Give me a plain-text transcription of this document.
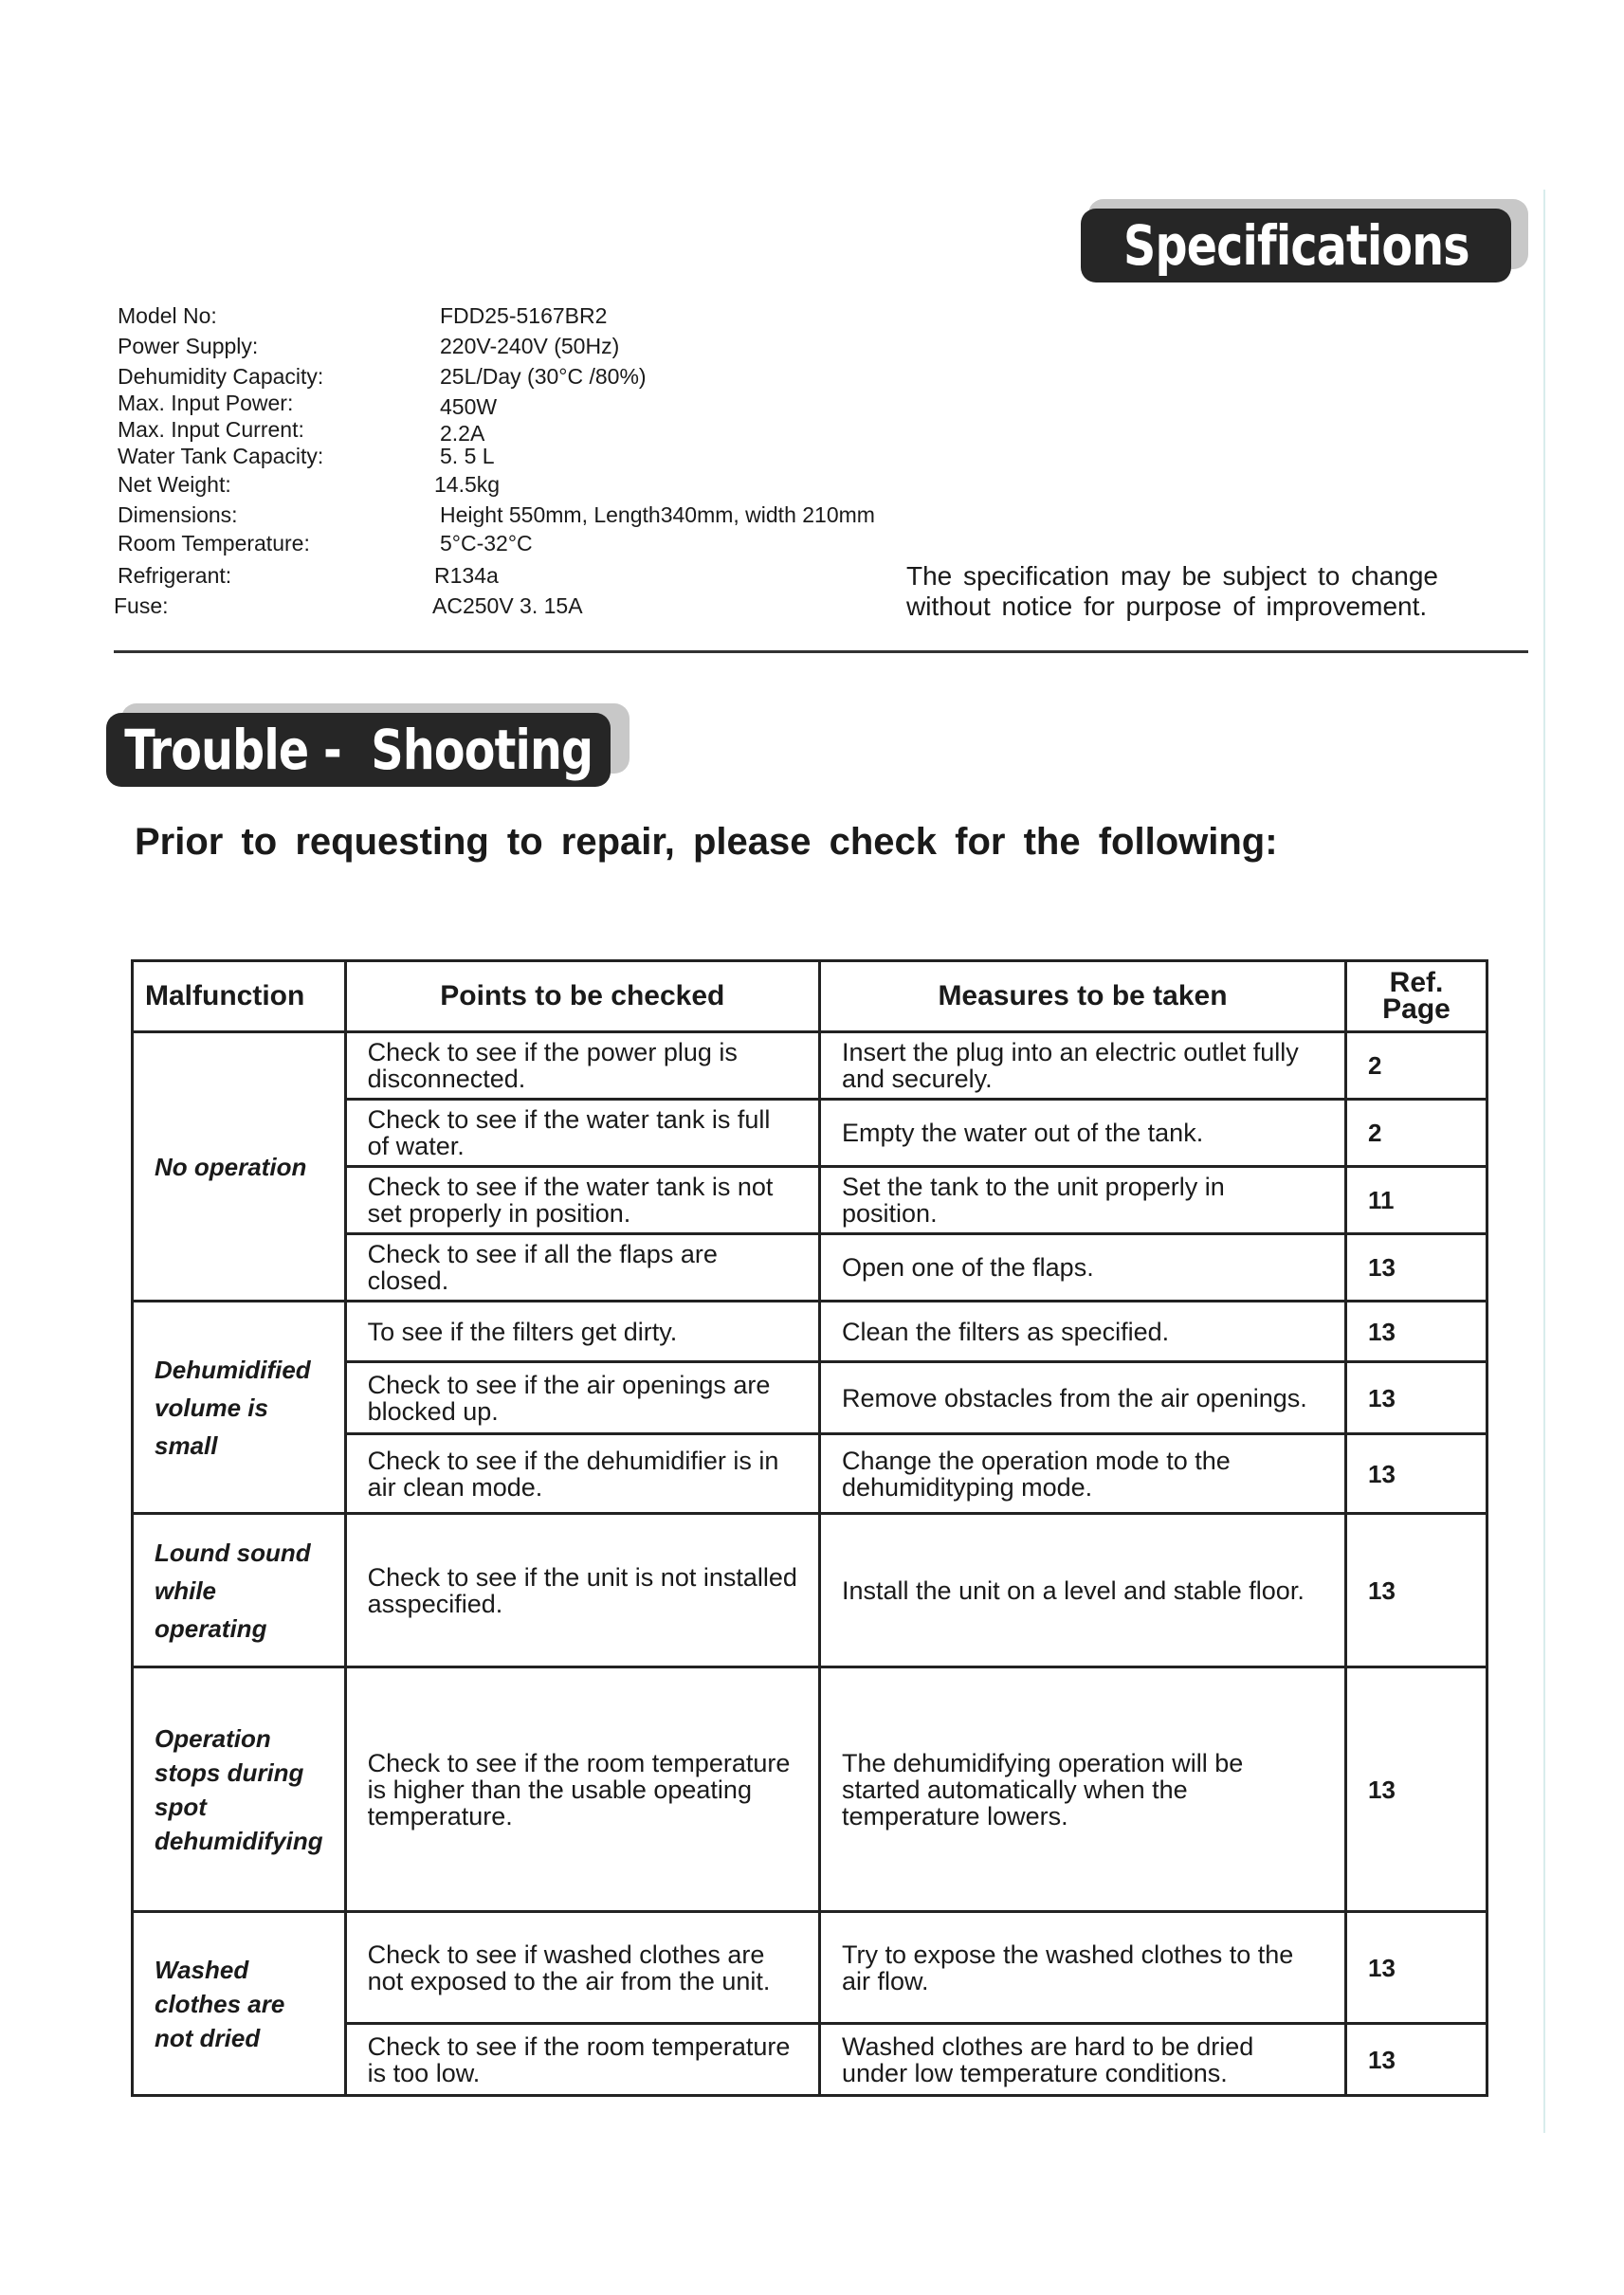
Specifications
Model No:	FDD25-5167BR2
Power Supply:	220V-240V (50Hz)
Dehumidity Capacity:	25L/Day (30°C /80%)
Max. Input Power:	450W
Max. Input Current:	2.2A
Water Tank Capacity:	5. 5 L
Net Weight:	14.5kg
Dimensions:	Height 550mm, Length340mm, width 210mm
Room Temperature:	5°C-32°C
Refrigerant:	R134a
Fuse:	AC250V 3. 15A
The specification may be subject to change
without notice for purpose of improvement.
Trouble -  Shooting
Prior to requesting to repair, please check for the following:
Malfunction	Points to be checked	Measures to be taken	Ref. Page
No operation	Check to see if the power plug is disconnected.	Insert the plug into an electric outlet fully and securely.	2
	Check to see if the water tank is full of water.	Empty the water out of the tank.	2
	Check to see if the water tank is not set properly in position.	Set the tank to the unit properly in position.	11
	Check to see if all the flaps are closed.	Open one of the flaps.	13
Dehumidified volume is small	To see if the filters get dirty.	Clean the filters as specified.	13
	Check to see if the air openings are blocked up.	Remove obstacles from the air openings.	13
	Check to see if the dehumidifier is in air clean mode.	Change the operation mode to the dehumidityping mode.	13
Lound sound while operating	Check to see if the unit is not installed asspecified.	Install the unit on a level and stable floor.	13
Operation stops during spot dehumidifying	Check to see if the room temperature is higher than the usable opeating temperature.	The dehumidifying operation will be started automatically when the temperature lowers.	13
Washed clothes are not dried	Check to see if washed clothes are not exposed to the air from the unit.	Try to expose the washed clothes to the air flow.	13
	Check to see if the room temperature is too low.	Washed clothes are hard to be dried under low temperature conditions.	13
